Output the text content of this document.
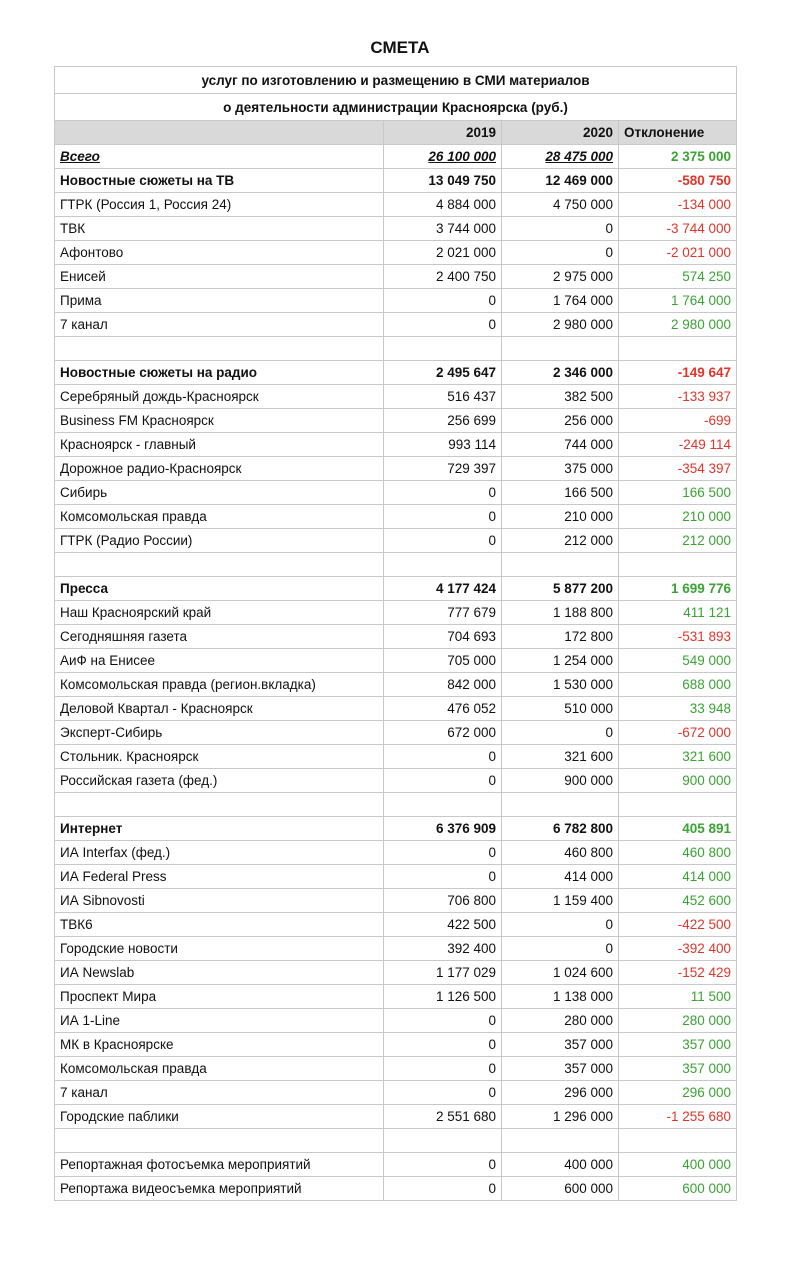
СМЕТА
услуг по изготовлению и размещению в СМИ материалов			
о деятельности администрации Красноярска (руб.)			
	2019	2020	Отклонение
Всего	26 100 000	28 475 000	2 375 000
Новостные сюжеты на ТВ	13 049 750	12 469 000	-580 750
ГТРК (Россия 1, Россия 24)	4 884 000	4 750 000	-134 000
ТВК	3 744 000	0	-3 744 000
Афонтово	2 021 000	0	-2 021 000
Енисей	2 400 750	2 975 000	574 250
Прима	0	1 764 000	1 764 000
7 канал	0	2 980 000	2 980 000

Новостные сюжеты на радио	2 495 647	2 346 000	-149 647
Серебряный дождь-Красноярск	516 437	382 500	-133 937
Business FM Красноярск	256 699	256 000	-699
Красноярск - главный	993 114	744 000	-249 114
Дорожное радио-Красноярск	729 397	375 000	-354 397
Сибирь	0	166 500	166 500
Комсомольская правда	0	210 000	210 000
ГТРК (Радио России)	0	212 000	212 000

Пресса	4 177 424	5 877 200	1 699 776
Наш Красноярский край	777 679	1 188 800	411 121
Сегодняшняя газета	704 693	172 800	-531 893
АиФ на Енисее	705 000	1 254 000	549 000
Комсомольская правда (регион.вкладка)	842 000	1 530 000	688 000
Деловой Квартал - Красноярск	476 052	510 000	33 948
Эксперт-Сибирь	672 000	0	-672 000
Стольник. Красноярск	0	321 600	321 600
Российская газета (фед.)	0	900 000	900 000

Интернет	6 376 909	6 782 800	405 891
ИА Interfax (фед.)	0	460 800	460 800
ИА Federal Press	0	414 000	414 000
ИА Sibnovosti	706 800	1 159 400	452 600
ТВК6	422 500	0	-422 500
Городские новости	392 400	0	-392 400
ИА Newslab	1 177 029	1 024 600	-152 429
Проспект Мира	1 126 500	1 138 000	11 500
ИА 1-Line	0	280 000	280 000
МК в Красноярске	0	357 000	357 000
Комсомольская правда	0	357 000	357 000
7 канал	0	296 000	296 000
Городские паблики	2 551 680	1 296 000	-1 255 680

Репортажная фотосъемка мероприятий	0	400 000	400 000
Репортажа видеосъемка мероприятий	0	600 000	600 000
